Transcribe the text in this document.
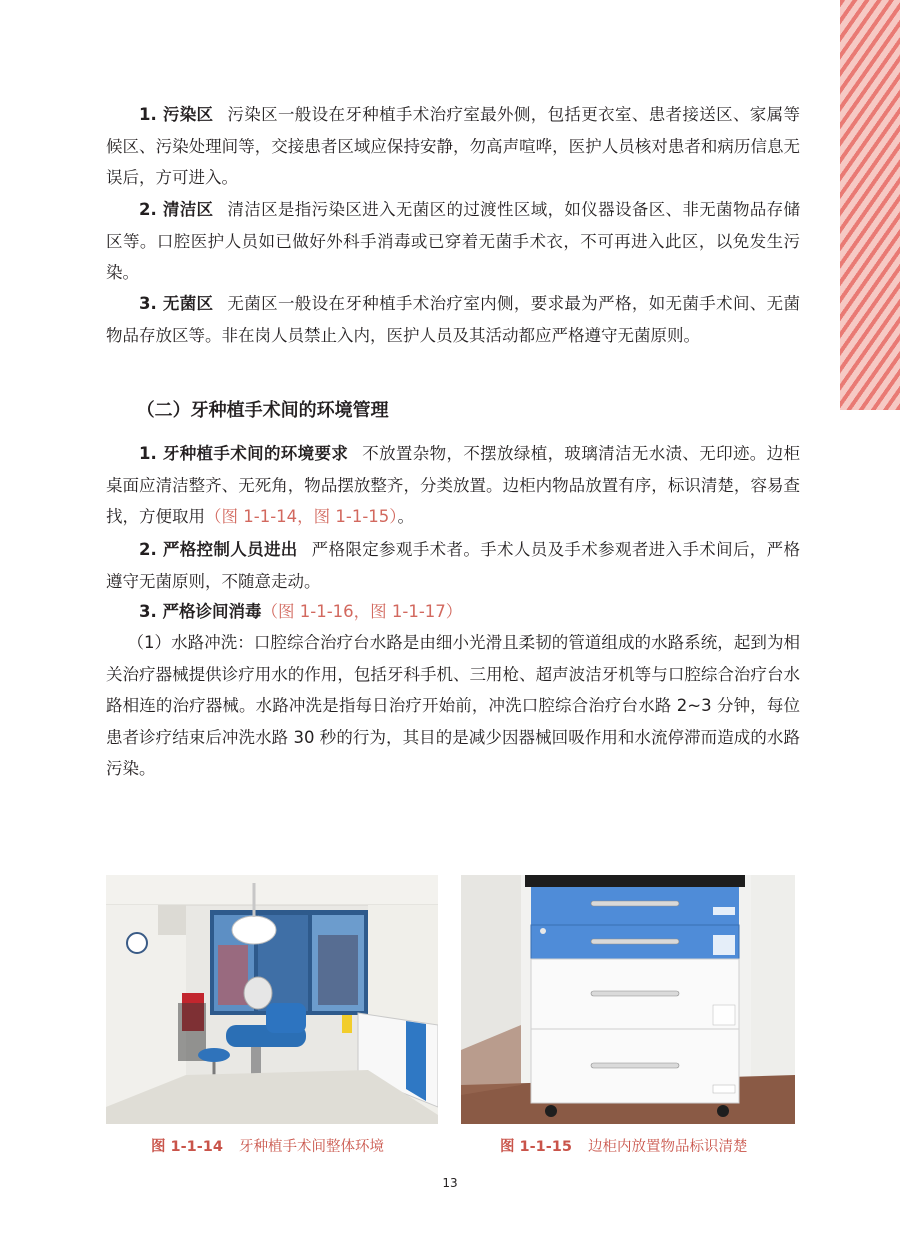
1. 污染区 污染区一般设在牙种植手术治疗室最外侧，包括更衣室、患者接送区、家属等候区、污染处理间等，交接患者区域应保持安静，勿高声喧哗，医护人员核对患者和病历信息无误后，方可进入。

2. 清洁区 清洁区是指污染区进入无菌区的过渡性区域，如仪器设备区、非无菌物品存储区等。口腔医护人员如已做好外科手消毒或已穿着无菌手术衣，不可再进入此区，以免发生污染。

3. 无菌区 无菌区一般设在牙种植手术治疗室内侧，要求最为严格，如无菌手术间、无菌物品存放区等。非在岗人员禁止入内，医护人员及其活动都应严格遵守无菌原则。

（二）牙种植手术间的环境管理

1. 牙种植手术间的环境要求 不放置杂物，不摆放绿植，玻璃清洁无水渍、无印迹。边柜桌面应清洁整齐、无死角，物品摆放整齐，分类放置。边柜内物品放置有序，标识清楚，容易查找，方便取用（图 1-1-14，图 1-1-15）。

2. 严格控制人员进出 严格限定参观手术者。手术人员及手术参观者进入手术间后，严格遵守无菌原则，不随意走动。

3. 严格诊间消毒（图 1-1-16，图 1-1-17）

（1）水路冲洗：口腔综合治疗台水路是由细小光滑且柔韧的管道组成的水路系统，起到为相关治疗器械提供诊疗用水的作用，包括牙科手机、三用枪、超声波洁牙机等与口腔综合治疗台水路相连的治疗器械。水路冲洗是指每日治疗开始前，冲洗口腔综合治疗台水路 2~3 分钟，每位患者诊疗结束后冲洗水路 30 秒的行为，其目的是减少因器械回吸作用和水流停滞而造成的水路污染。

图 1-1-14 牙种植手术间整体环境	图 1-1-15 边柜内放置物品标识清楚
13
